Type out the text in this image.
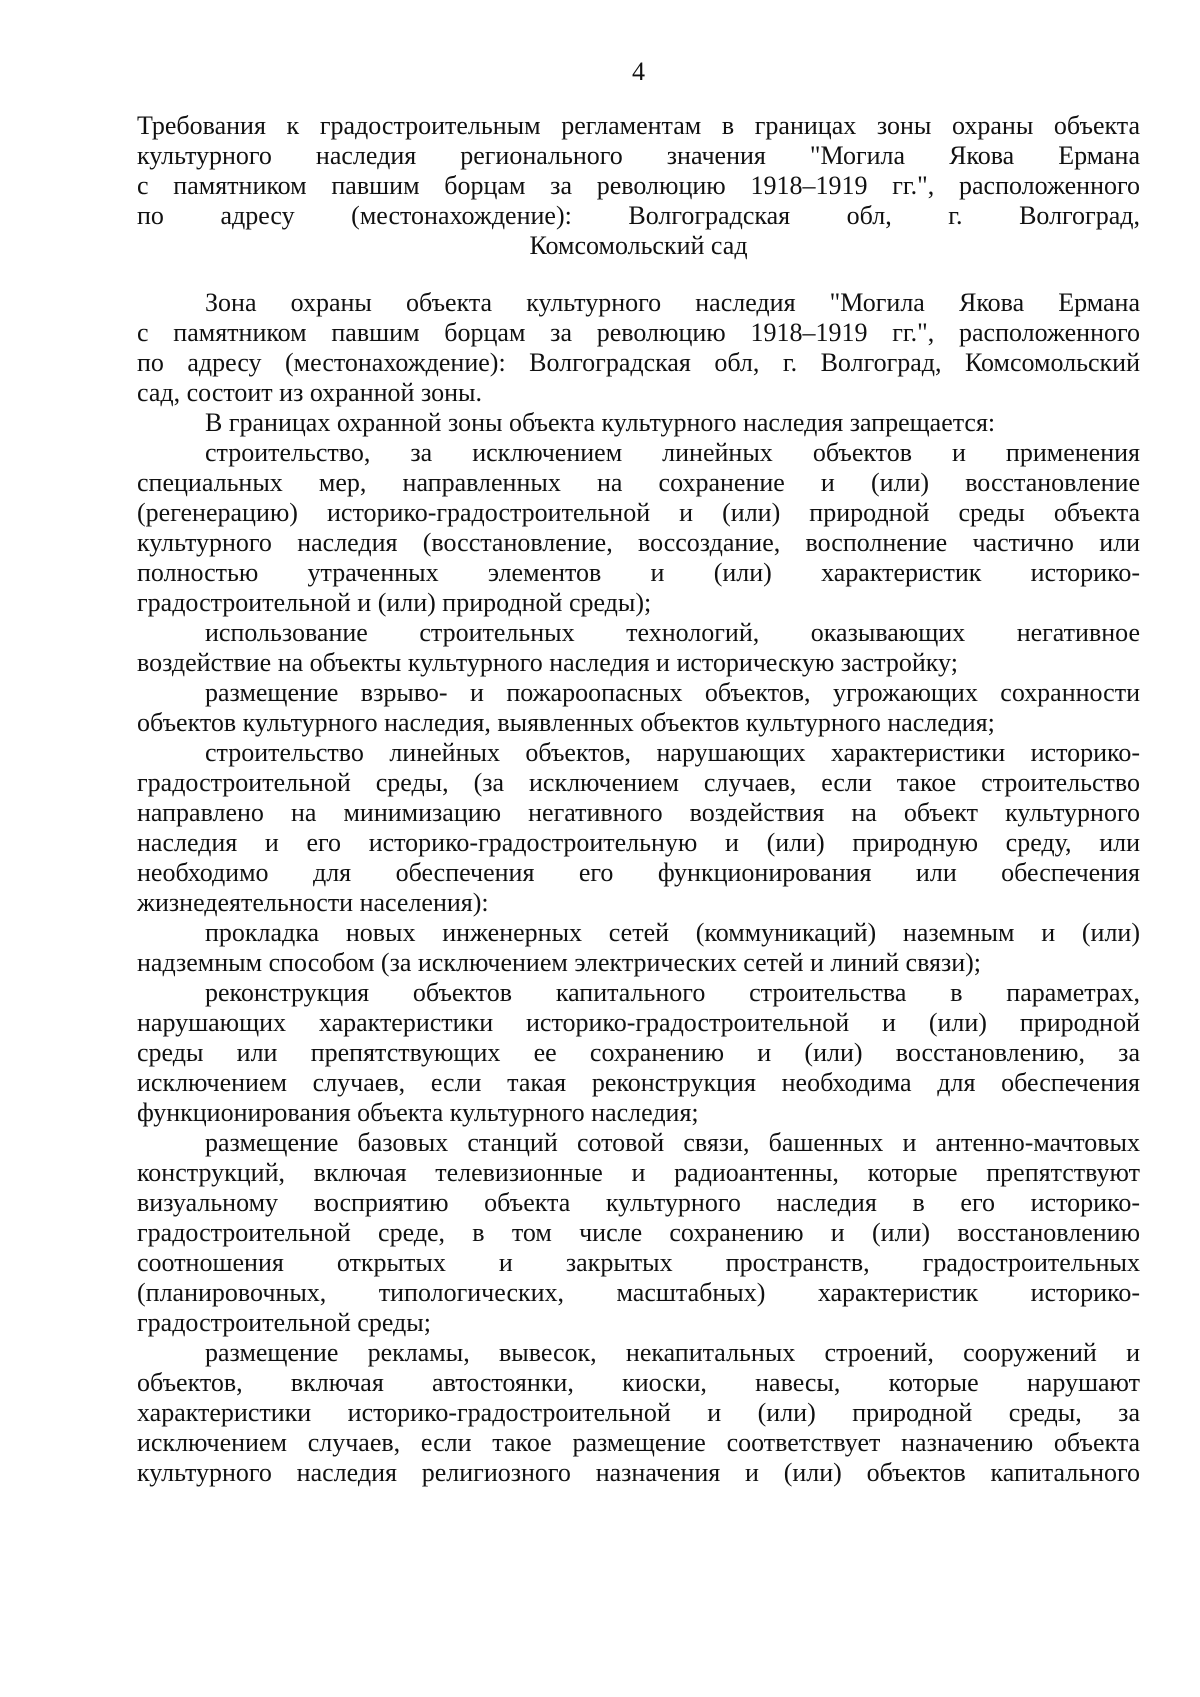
4
Требования к градостроительным регламентам в границах зоны охраны объекта
культурного наследия регионального значения "Могила Якова Ермана
с памятником павшим борцам за революцию 1918–1919 гг.", расположенного
по адресу (местонахождение): Волгоградская обл, г. Волгоград,
Комсомольский сад
Зона охраны объекта культурного наследия "Могила Якова Ермана
с памятником павшим борцам за революцию 1918–1919 гг.", расположенного
по адресу (местонахождение): Волгоградская обл, г. Волгоград, Комсомольский
сад, состоит из охранной зоны.
В границах охранной зоны объекта культурного наследия запрещается:
строительство, за исключением линейных объектов и применения
специальных мер, направленных на сохранение и (или) восстановление
(регенерацию) историко-градостроительной и (или) природной среды объекта
культурного наследия (восстановление, воссоздание, восполнение частично или
полностью утраченных элементов и (или) характеристик историко-
градостроительной и (или) природной среды);
использование строительных технологий, оказывающих негативное
воздействие на объекты культурного наследия и историческую застройку;
размещение взрыво- и пожароопасных объектов, угрожающих сохранности
объектов культурного наследия, выявленных объектов культурного наследия;
строительство линейных объектов, нарушающих характеристики историко-
градостроительной среды, (за исключением случаев, если такое строительство
направлено на минимизацию негативного воздействия на объект культурного
наследия и его историко-градостроительную и (или) природную среду, или
необходимо для обеспечения его функционирования или обеспечения
жизнедеятельности населения):
прокладка новых инженерных сетей (коммуникаций) наземным и (или)
надземным способом (за исключением электрических сетей и линий связи);
реконструкция объектов капитального строительства в параметрах,
нарушающих характеристики историко-градостроительной и (или) природной
среды или препятствующих ее сохранению и (или) восстановлению, за
исключением случаев, если такая реконструкция необходима для обеспечения
функционирования объекта культурного наследия;
размещение базовых станций сотовой связи, башенных и антенно-мачтовых
конструкций, включая телевизионные и радиоантенны, которые препятствуют
визуальному восприятию объекта культурного наследия в его историко-
градостроительной среде, в том числе сохранению и (или) восстановлению
соотношения открытых и закрытых пространств, градостроительных
(планировочных, типологических, масштабных) характеристик историко-
градостроительной среды;
размещение рекламы, вывесок, некапитальных строений, сооружений и
объектов, включая автостоянки, киоски, навесы, которые нарушают
характеристики историко-градостроительной и (или) природной среды, за
исключением случаев, если такое размещение соответствует назначению объекта
культурного наследия религиозного назначения и (или) объектов капитального
